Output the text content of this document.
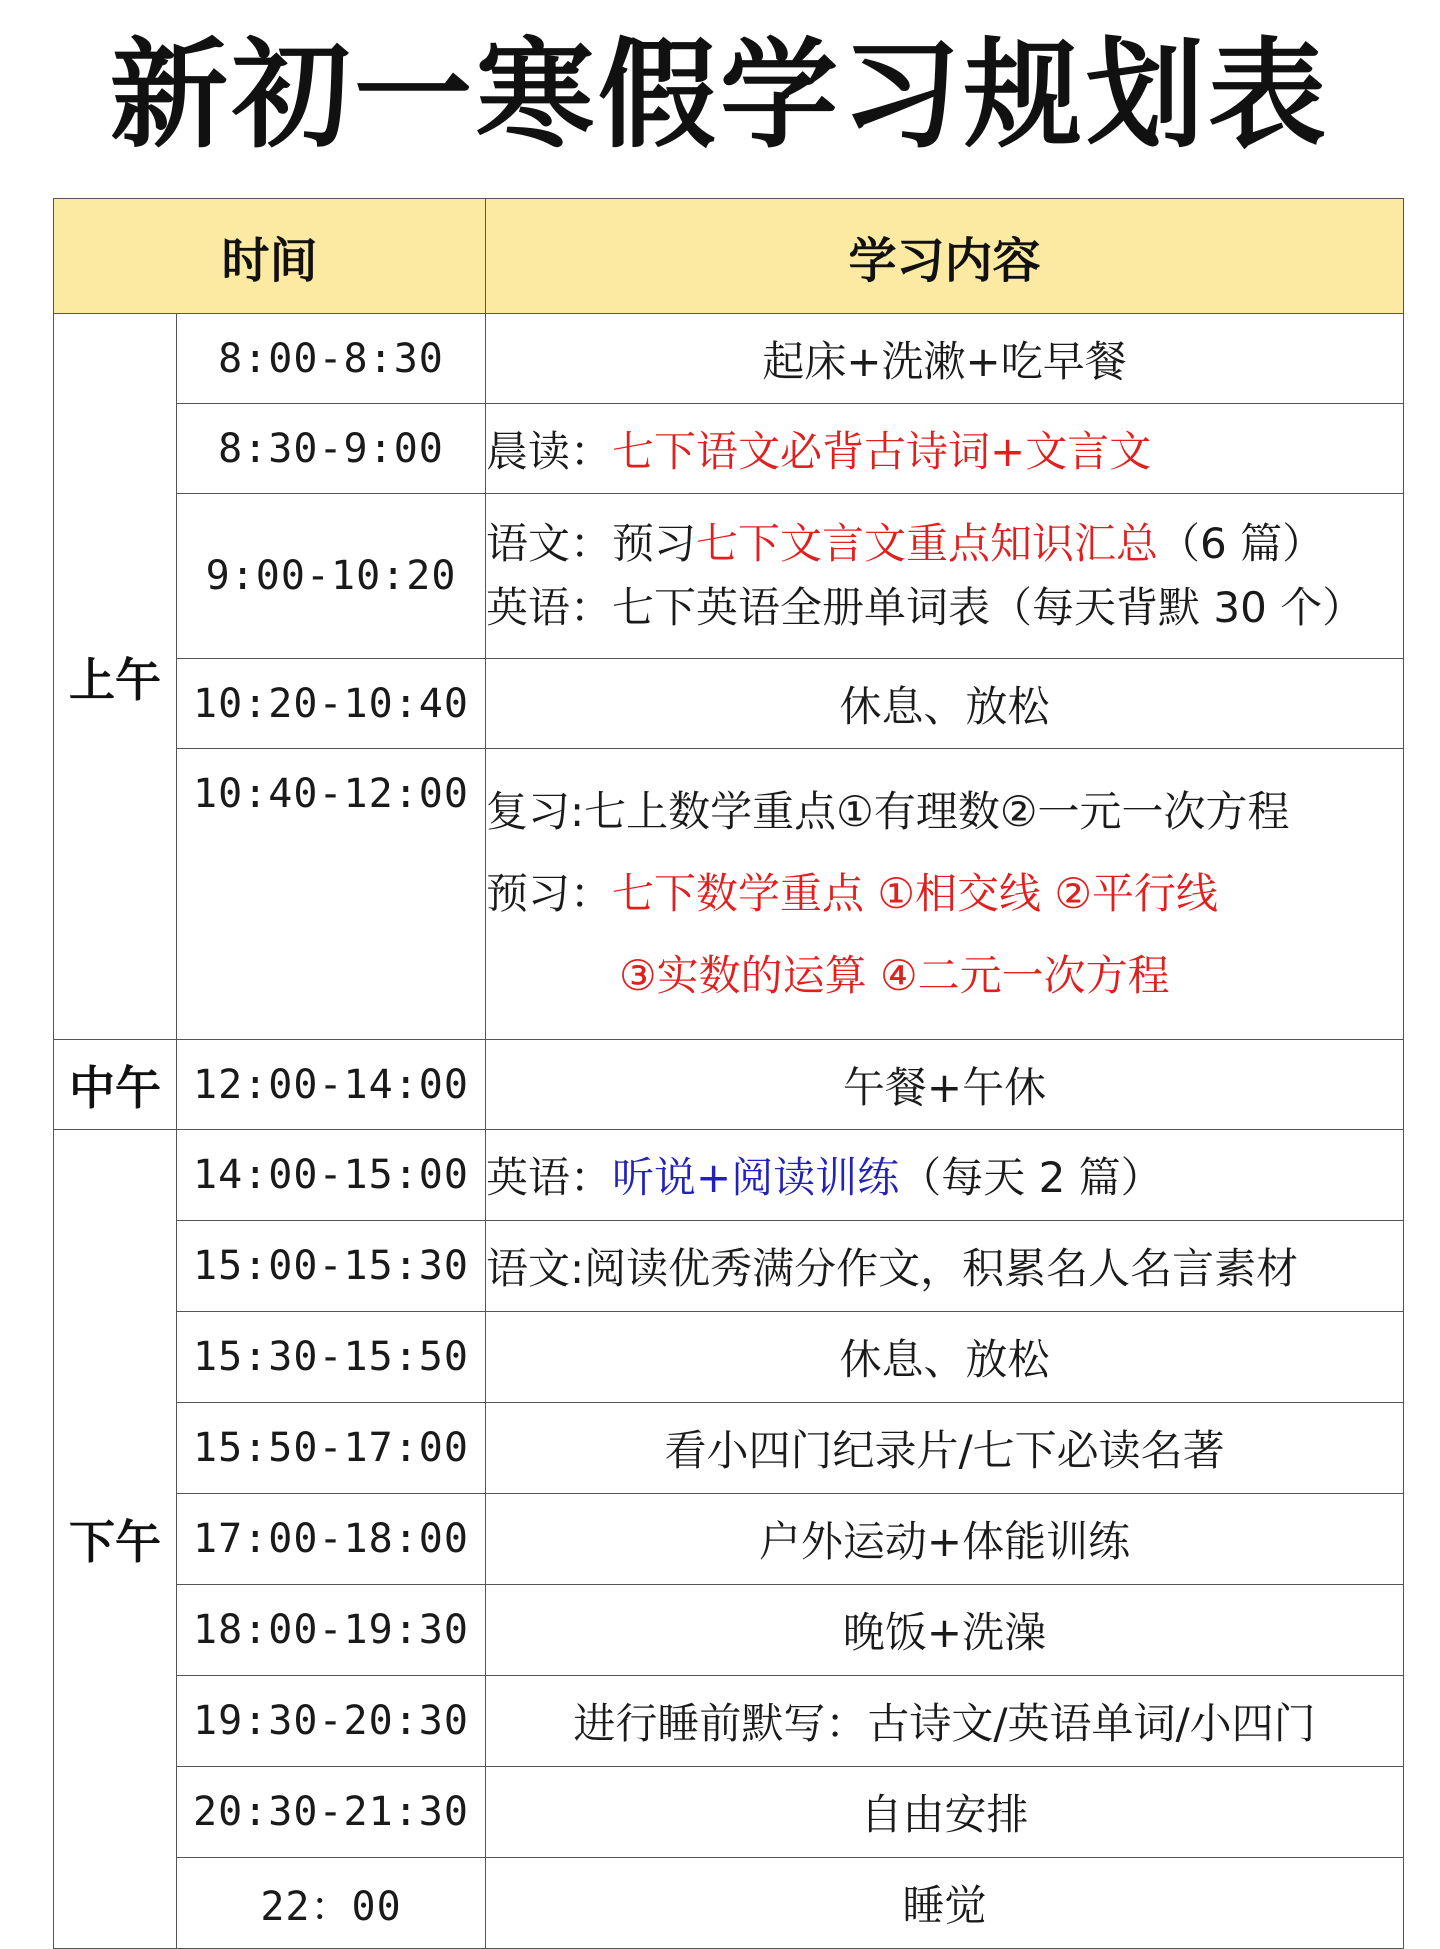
新初一寒假学习规划表
时间		学习内容
上午	8:00-8:30	起床+洗漱+吃早餐
	8:30-9:00	晨读：七下语文必背古诗词+文言文
	9:00-10:20	语文：预习七下文言文重点知识汇总（6 篇）
英语：七下英语全册单词表（每天背默 30 个）

	10:20-10:40	休息、放松
	10:40-12:00	复习:七上数学重点①有理数②一元一次方程
预习：七下数学重点 ①相交线 ②平行线
③实数的运算 ④二元一次方程

中午	12:00-14:00	午餐+午休
下午	14:00-15:00	英语：听说+阅读训练（每天 2 篇）
	15:00-15:30	语文:阅读优秀满分作文，积累名人名言素材
	15:30-15:50	休息、放松
	15:50-17:00	看小四门纪录片/七下必读名著
	17:00-18:00	户外运动+体能训练
	18:00-19:30	晚饭+洗澡
	19:30-20:30	进行睡前默写：古诗文/英语单词/小四门
	20:30-21:30	自由安排
	22：00	睡觉
